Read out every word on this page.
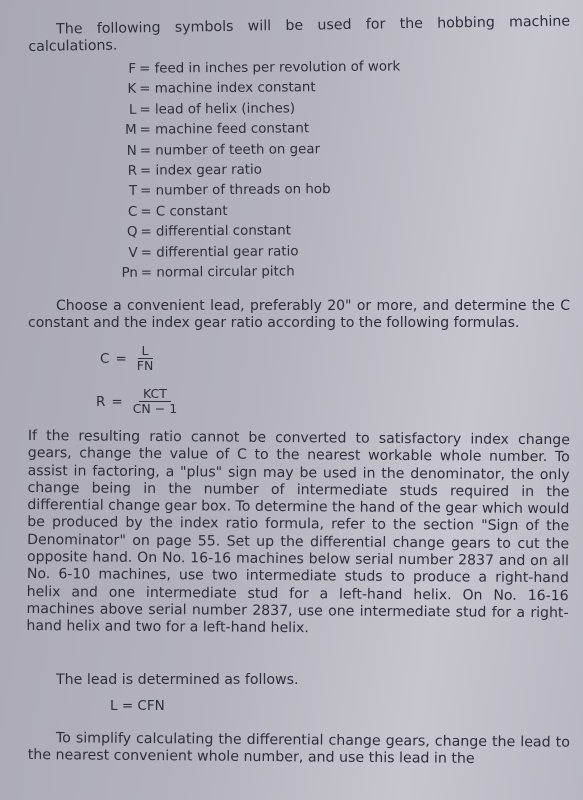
The following symbols will be used for the hobbing machine calculations.

F = feed in inches per revolution of work
K = machine index constant
L = lead of helix (inches)
M = machine feed constant
N = number of teeth on gear
R = index gear ratio
T = number of threads on hob
C = C constant
Q = differential constant
V = differential gear ratio
Pn = normal circular pitch

Choose a convenient lead, preferably 20" or more, and determine the C constant and the index gear ratio according to the following formulas.

$C = \frac{L}{FN}$
$R = \frac{\text{KCT}}{CN - 1}$

If the resulting ratio cannot be converted to satisfactory index change gears, change the value of C to the nearest workable whole number. To assist in factoring, a "plus" sign may be used in the denominator, the only change being in the number of intermediate studs required in the differential change gear box. To determine the hand of the gear which would be produced by the index ratio formula, refer to the section "Sign of the Denominator" on page 55. Set up the differential change gears to cut the opposite hand. On No. 16-16 machines below serial number 2837 and on all No. 6-10 machines, use two intermediate studs to produce a right-hand helix and one intermediate stud for a left-hand helix. On No. 16-16 machines above serial number 2837, use one intermediate stud for a right-hand helix and two for a left-hand helix.

The lead is determined as follows.

L = CFN

To simplify calculating the differential change gears, change the lead to the nearest convenient whole number, and use this lead in the
